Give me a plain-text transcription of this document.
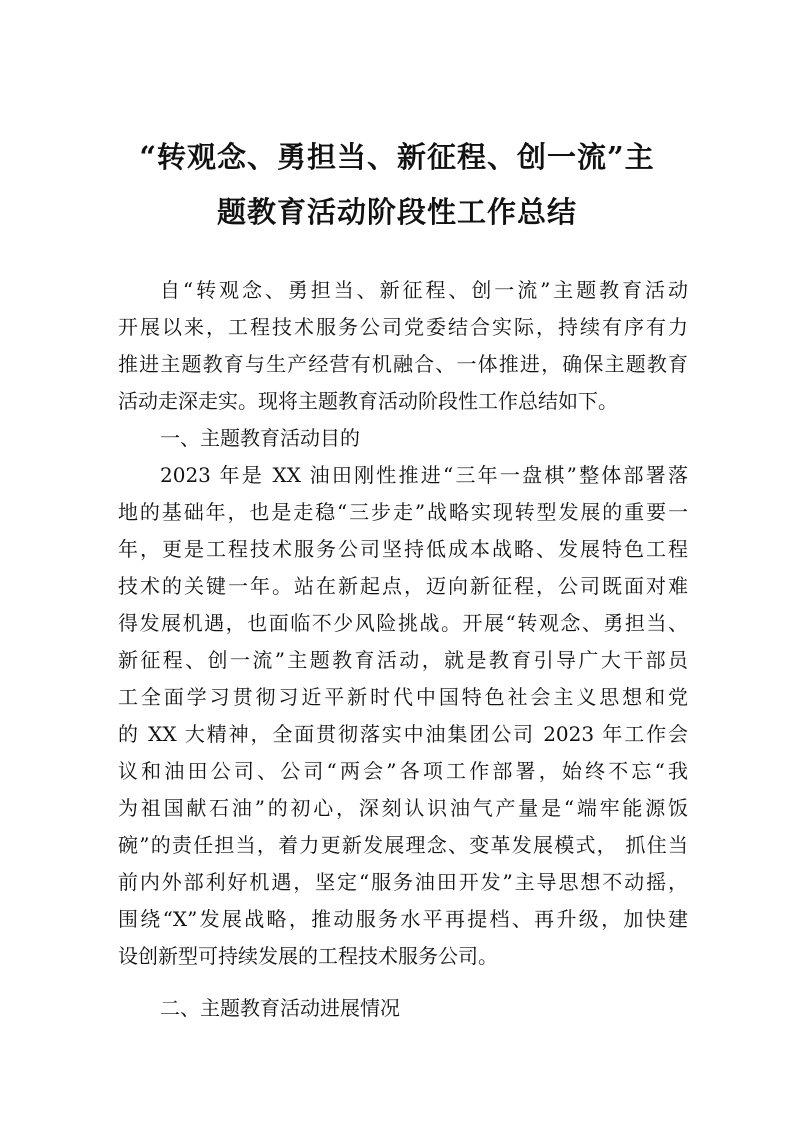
“转观念、勇担当、新征程、创一流”主
题教育活动阶段性工作总结
自“转观念、勇担当、新征程、创一流”主题教育活动
开展以来，工程技术服务公司党委结合实际，持续有序有力
推进主题教育与生产经营有机融合、一体推进，确保主题教育
活动走深走实。现将主题教育活动阶段性工作总结如下。
一、主题教育活动目的
2023 年是 XX 油田刚性推进“三年一盘棋”整体部署落
地的基础年，也是走稳“三步走”战略实现转型发展的重要一
年，更是工程技术服务公司坚持低成本战略、发展特色工程
技术的关键一年。站在新起点，迈向新征程，公司既面对难
得发展机遇，也面临不少风险挑战。开展“转观念、勇担当、
新征程、创一流”主题教育活动，就是教育引导广大干部员
工全面学习贯彻习近平新时代中国特色社会主义思想和党
的 XX 大精神，全面贯彻落实中油集团公司 2023 年工作会
议和油田公司、公司“两会”各项工作部署，始终不忘“我
为祖国献石油”的初心，深刻认识油气产量是“端牢能源饭
碗”的责任担当，着力更新发展理念、变革发展模式， 抓住当
前内外部利好机遇，坚定“服务油田开发”主导思想不动摇，
围绕“X”发展战略，推动服务水平再提档、再升级，加快建
设创新型可持续发展的工程技术服务公司。
二、主题教育活动进展情况
